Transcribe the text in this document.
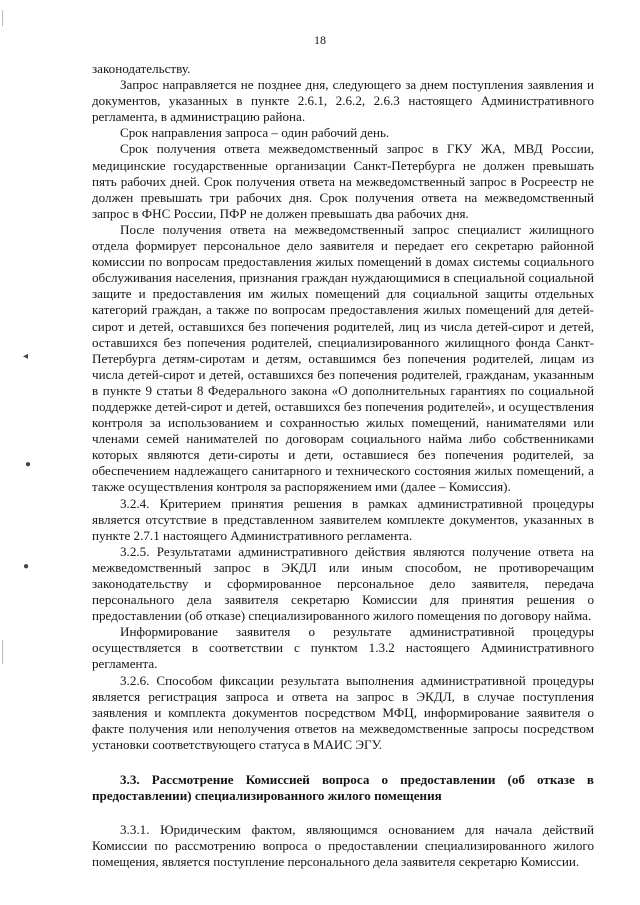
◂
●
●
18

законодательству.

Запрос направляется не позднее дня, следующего за днем поступления заявления и документов, указанных в пункте 2.6.1, 2.6.2, 2.6.3 настоящего Административного регламента, в администрацию района.

Срок направления запроса – один рабочий день.

Срок получения ответа межведомственный запрос в ГКУ ЖА, МВД России, медицинские государственные организации Санкт-Петербурга не должен превышать пять рабочих дней. Срок получения ответа на межведомственный запрос в Росреестр не должен превышать три рабочих дня. Срок получения ответа на межведомственный запрос в ФНС России, ПФР не должен превышать два рабочих дня.

После получения ответа на межведомственный запрос специалист жилищного отдела формирует персональное дело заявителя и передает его секретарю районной комиссии по вопросам предоставления жилых помещений в домах системы социального обслуживания населения, признания граждан нуждающимися в специальной социальной защите и предоставления им жилых помещений для социальной защиты отдельных категорий граждан, а также по вопросам предоставления жилых помещений для детей-сирот и детей, оставшихся без попечения родителей, лиц из числа детей-сирот и детей, оставшихся без попечения родителей, специализированного жилищного фонда Санкт-Петербурга детям-сиротам и детям, оставшимся без попечения родителей, лицам из числа детей-сирот и детей, оставшихся без попечения родителей, гражданам, указанным в пункте 9 статьи 8 Федерального закона «О дополнительных гарантиях по социальной поддержке детей-сирот и детей, оставшихся без попечения родителей», и осуществления контроля за использованием и сохранностью жилых помещений, нанимателями или членами семей нанимателей по договорам социального найма либо собственниками которых являются дети-сироты и дети, оставшиеся без попечения родителей, за обеспечением надлежащего санитарного и технического состояния жилых помещений, а также осуществления контроля за распоряжением ими (далее – Комиссия).

3.2.4. Критерием принятия решения в рамках административной процедуры является отсутствие в представленном заявителем комплекте документов, указанных в пункте 2.7.1 настоящего Административного регламента.

3.2.5. Результатами административного действия являются получение ответа на межведомственный запрос в ЭКДЛ или иным способом, не противоречащим законодательству и сформированное персональное дело заявителя, передача персонального дела заявителя секретарю Комиссии для принятия решения о предоставлении (об отказе) специализированного жилого помещения по договору найма.

Информирование заявителя о результате административной процедуры осуществляется в соответствии с пунктом 1.3.2 настоящего Административного регламента.

3.2.6. Способом фиксации результата выполнения административной процедуры является регистрация запроса и ответа на запрос в ЭКДЛ, в случае поступления заявления и комплекта документов посредством МФЦ, информирование заявителя о факте получения или неполучения ответов на межведомственные запросы посредством установки соответствующего статуса в МАИС ЭГУ.

3.3. Рассмотрение Комиссией вопроса о предоставлении (об отказе в предоставлении) специализированного жилого помещения

3.3.1. Юридическим фактом, являющимся основанием для начала действий Комиссии по рассмотрению вопроса о предоставлении специализированного жилого помещения, является поступление персонального дела заявителя секретарю Комиссии.
